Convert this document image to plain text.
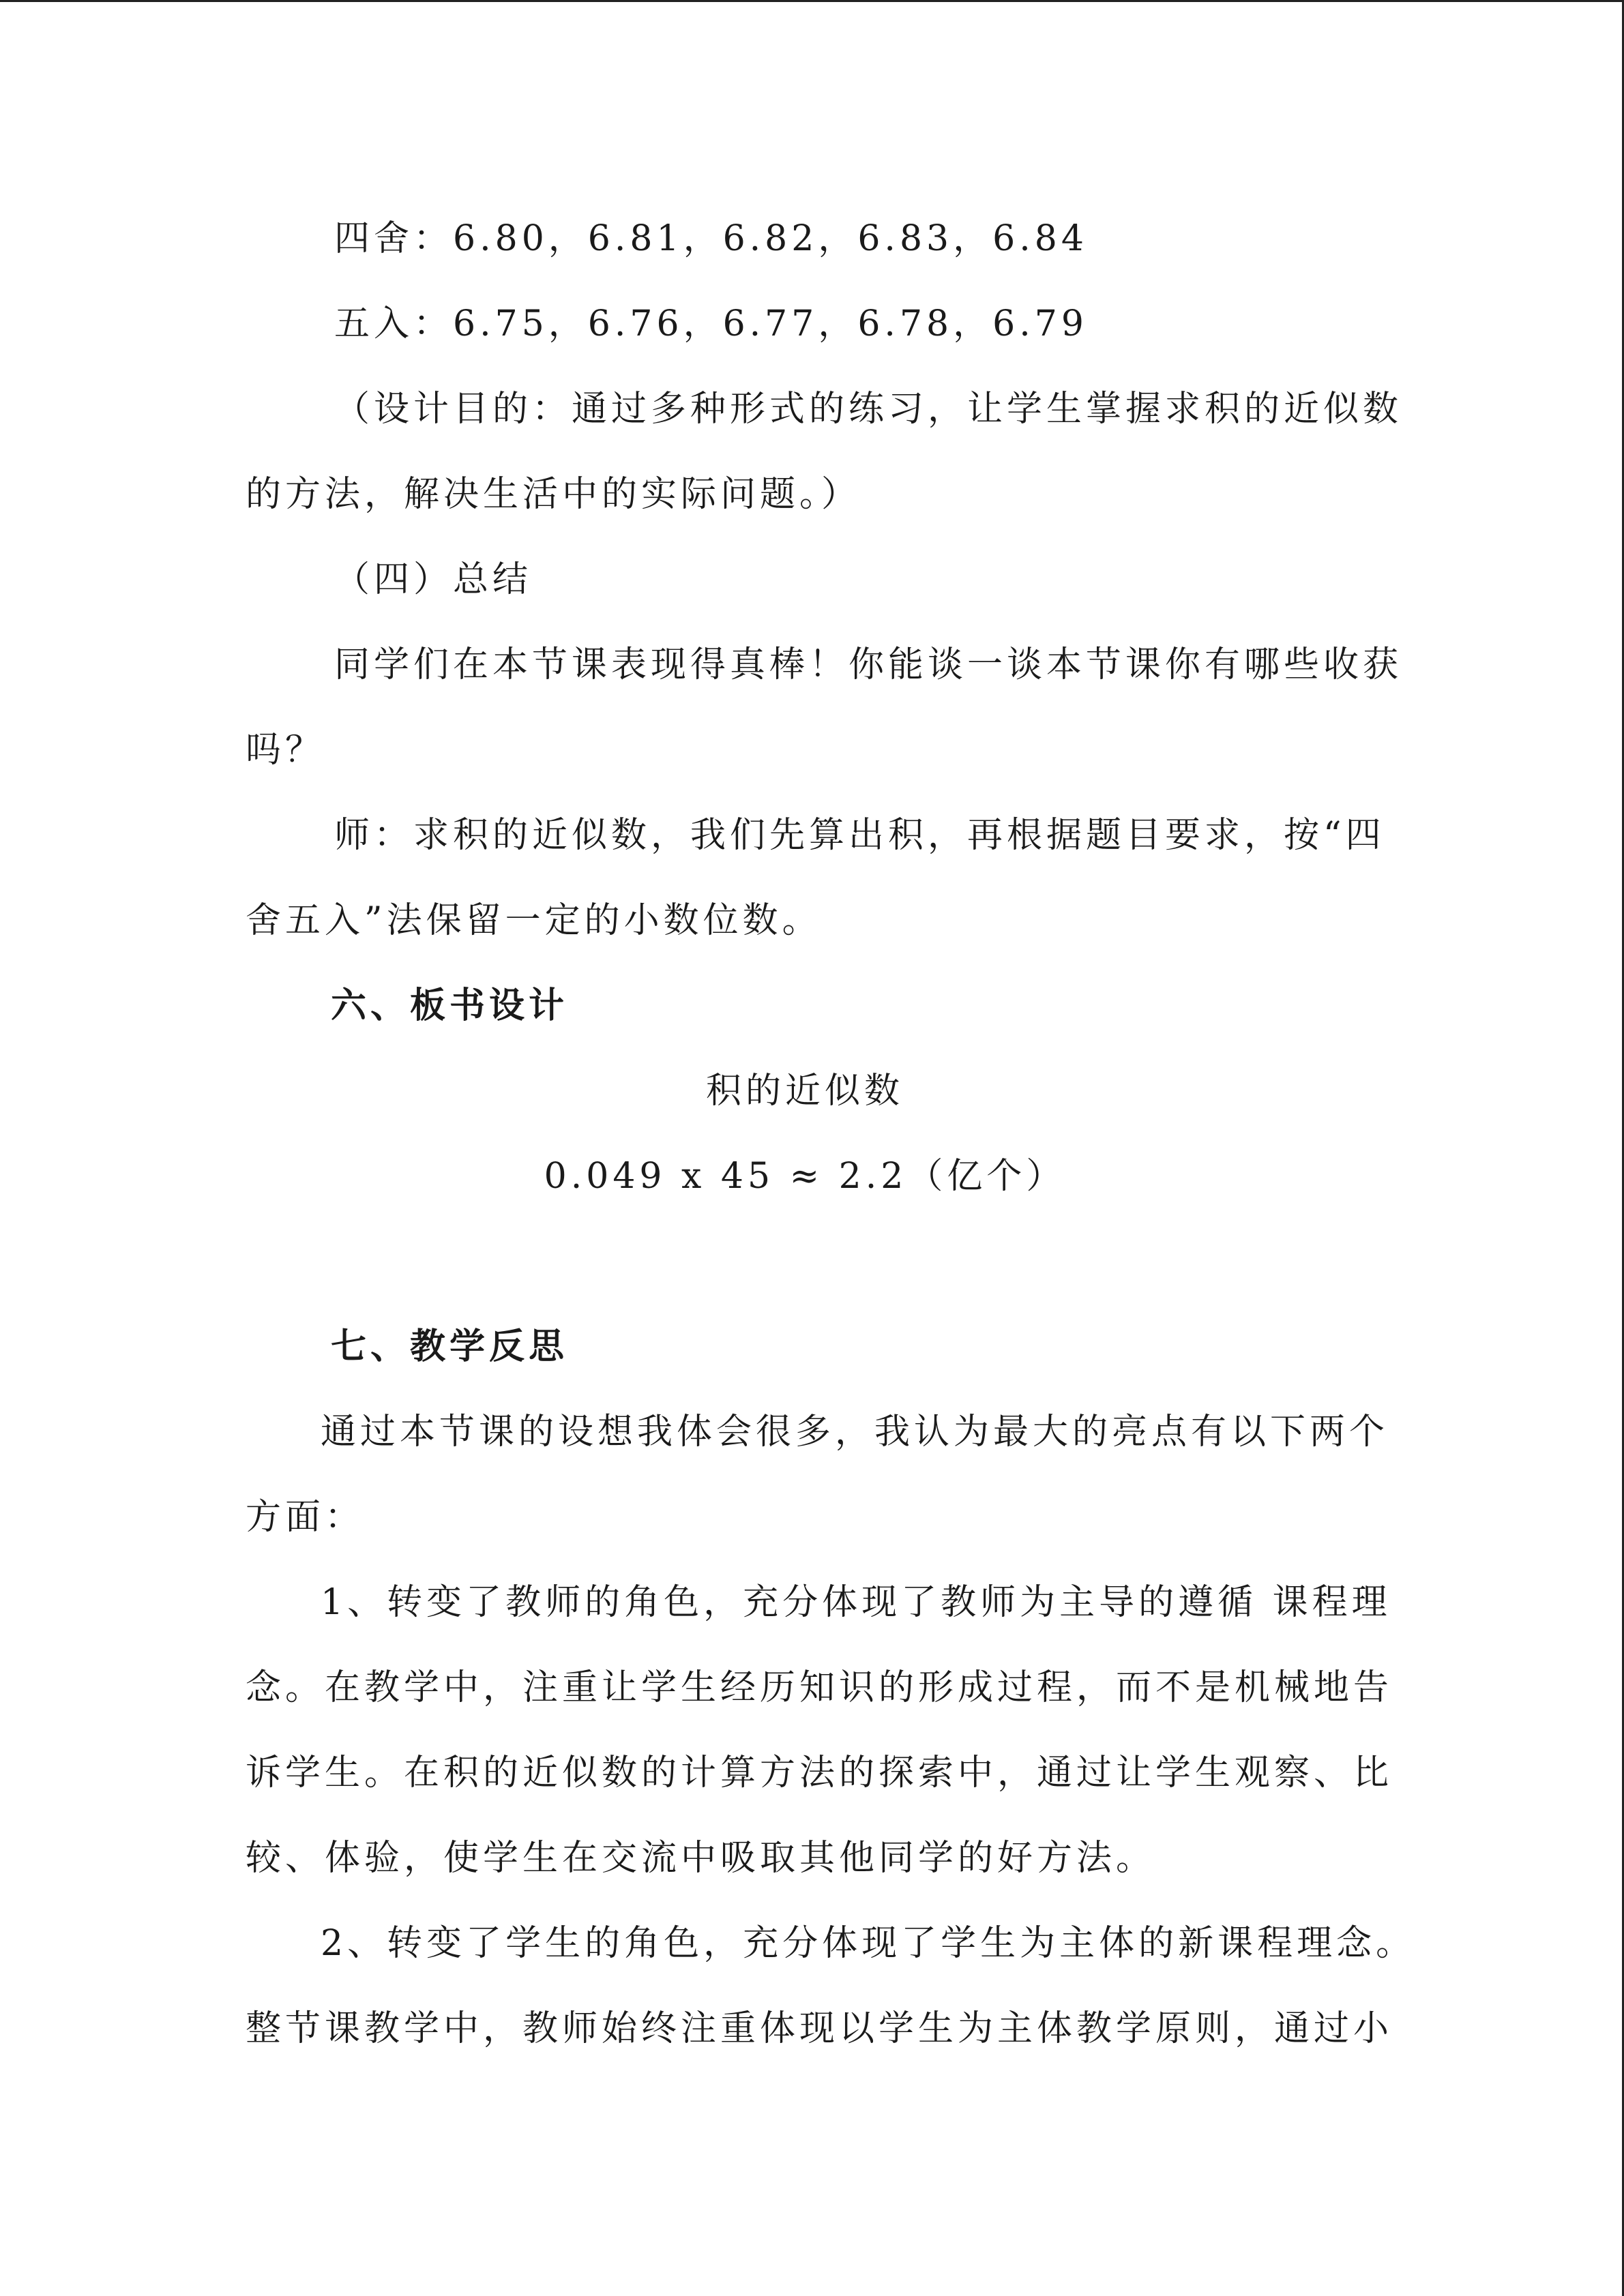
四舍：6.80，6.81，6.82，6.83，6.84
五入：6.75，6.76，6.77，6.78，6.79
（设计目的：通过多种形式的练习，让学生掌握求积的近似数
的方法，解决生活中的实际问题。）
（四）总结
同学们在本节课表现得真棒！你能谈一谈本节课你有哪些收获
吗？
师：求积的近似数，我们先算出积，再根据题目要求，按“四
舍五入”法保留一定的小数位数。
六、板书设计
积的近似数
0.049 x 45 ≈ 2.2（亿个）
七、教学反思
通过本节课的设想我体会很多，我认为最大的亮点有以下两个
方面：
1、转变了教师的角色，充分体现了教师为主导的遵循 课程理
念。在教学中，注重让学生经历知识的形成过程，而不是机械地告
诉学生。在积的近似数的计算方法的探索中，通过让学生观察、比
较、体验，使学生在交流中吸取其他同学的好方法。
2、转变了学生的角色，充分体现了学生为主体的新课程理念。
整节课教学中，教师始终注重体现以学生为主体教学原则，通过小
